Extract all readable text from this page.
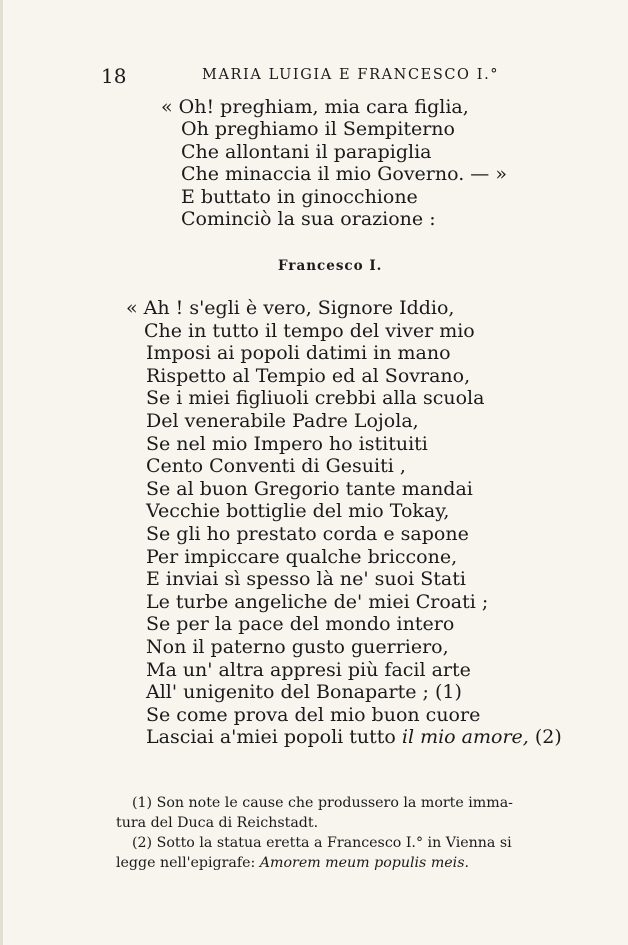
18	MARIA LUIGIA E FRANCESCO I.°
« Oh! preghiam, mia cara figlia,
Oh preghiamo il Sempiterno
Che allontani il parapiglia
Che minaccia il mio Governo. — »
E buttato in ginocchione
Cominciò la sua orazione :
Francesco I.
« Ah ! s'egli è vero, Signore Iddio,
Che in tutto il tempo del viver mio
Imposi ai popoli datimi in mano
Rispetto al Tempio ed al Sovrano,
Se i miei figliuoli crebbi alla scuola
Del venerabile Padre Lojola,
Se nel mio Impero ho istituiti
Cento Conventi di Gesuiti ,
Se al buon Gregorio tante mandai
Vecchie bottiglie del mio Tokay,
Se gli ho prestato corda e sapone
Per impiccare qualche briccone,
E inviai sì spesso là ne' suoi Stati
Le turbe angeliche de' miei Croati ;
Se per la pace del mondo intero
Non il paterno gusto guerriero,
Ma un' altra appresi più facil arte
All' unigenito del Bonaparte ; (1)
Se come prova del mio buon cuore
Lasciai a'miei popoli tutto il mio amore, (2)

(1) Son note le cause che produssero la morte imma-
tura del Duca di Reichstadt.

(2) Sotto la statua eretta a Francesco I.° in Vienna si
legge nell'epigrafe: Amorem meum populis meis.
